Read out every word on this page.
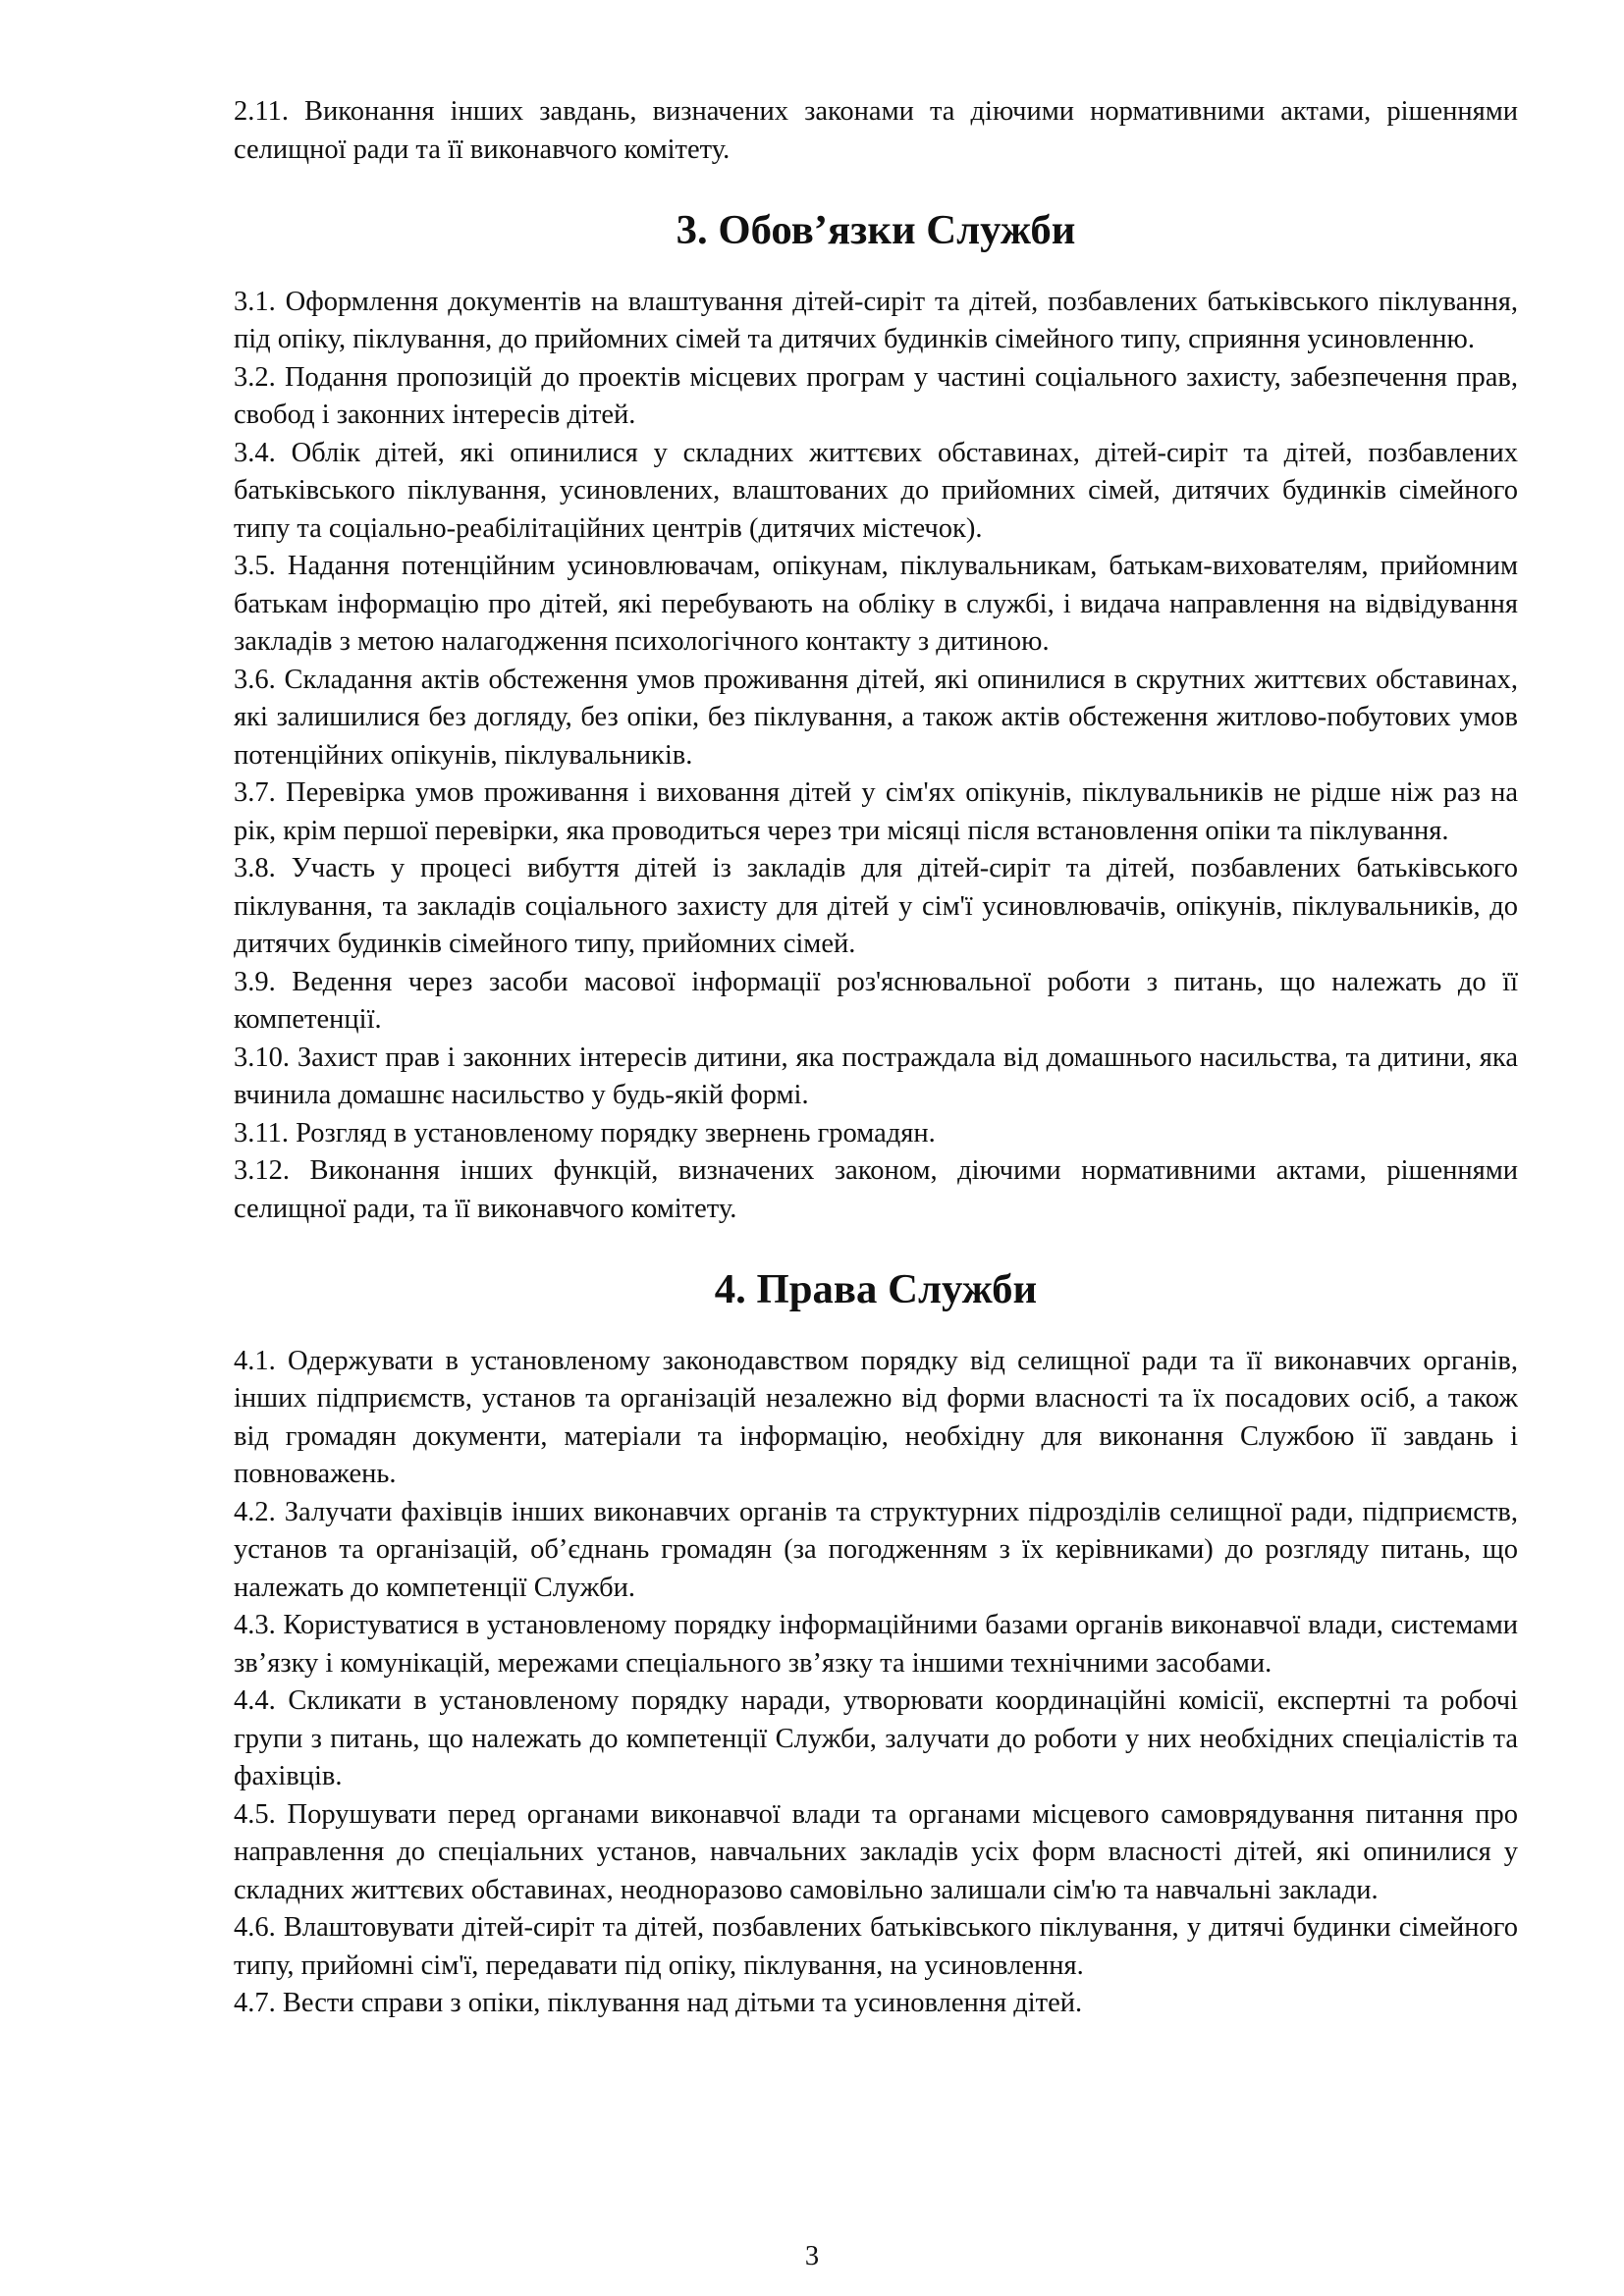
2.11. Виконання інших завдань, визначених законами та діючими нормативними актами, рішеннями селищної ради та її виконавчого комітету.

3. Обов’язки Служби

3.1. Оформлення документів на влаштування дітей-сиріт та дітей, позбавлених батьківського піклування, під опіку, піклування, до прийомних сімей та дитячих будинків сімейного типу, сприяння усиновленню.

3.2. Подання пропозицій до проектів місцевих програм у частині соціального захисту, забезпечення прав, свобод і законних інтересів дітей.

3.4. Облік дітей, які опинилися у складних життєвих обставинах, дітей-сиріт та дітей, позбавлених батьківського піклування, усиновлених, влаштованих до прийомних сімей, дитячих будинків сімейного типу та соціально-реабілітаційних центрів (дитячих містечок).

3.5. Надання потенційним усиновлювачам, опікунам, піклувальникам, батькам-вихователям, прийомним батькам інформацію про дітей, які перебувають на обліку в службі, і видача направлення на відвідування закладів з метою налагодження психологічного контакту з дитиною.

3.6. Складання актів обстеження умов проживання дітей, які опинилися в скрутних життєвих обставинах, які залишилися без догляду, без опіки, без піклування, а також актів обстеження житлово-побутових умов потенційних опікунів, піклувальників.

3.7. Перевірка умов проживання і виховання дітей у сім'ях опікунів, піклувальників не рідше ніж раз на рік, крім першої перевірки, яка проводиться через три місяці після встановлення опіки та піклування.

3.8. Участь у процесі вибуття дітей із закладів для дітей-сиріт та дітей, позбавлених батьківського піклування, та закладів соціального захисту для дітей у сім'ї усиновлювачів, опікунів, піклувальників, до дитячих будинків сімейного типу, прийомних сімей.

3.9. Ведення через засоби масової інформації роз'яснювальної роботи з питань, що належать до її компетенції.

3.10. Захист прав і законних інтересів дитини, яка постраждала від домашнього насильства, та дитини, яка вчинила домашнє насильство у будь-якій формі.

3.11. Розгляд в установленому порядку звернень громадян.

3.12. Виконання інших функцій, визначених законом, діючими нормативними актами, рішеннями селищної ради, та її виконавчого комітету.

4. Права Служби

4.1. Одержувати в установленому законодавством порядку від селищної ради та її виконавчих органів, інших підприємств, установ та організацій незалежно від форми власності та їх посадових осіб, а також від громадян документи, матеріали та інформацію, необхідну для виконання Службою її завдань і повноважень.

4.2. Залучати фахівців інших виконавчих органів та структурних підрозділів селищної ради, підприємств, установ та організацій, об’єднань громадян (за погодженням з їх керівниками) до розгляду питань, що належать до компетенції Служби.

4.3. Користуватися в установленому порядку інформаційними базами органів виконавчої влади, системами зв’язку і комунікацій, мережами спеціального зв’язку та іншими технічними засобами.

4.4. Скликати в установленому порядку наради, утворювати координаційні комісії, експертні та робочі групи з питань, що належать до компетенції Служби, залучати до роботи у них необхідних спеціалістів та фахівців.

4.5. Порушувати перед органами виконавчої влади та органами місцевого самоврядування питання про направлення до спеціальних установ, навчальних закладів усіх форм власності дітей, які опинилися у складних життєвих обставинах, неодноразово самовільно залишали сім'ю та навчальні заклади.

4.6. Влаштовувати дітей-сиріт та дітей, позбавлених батьківського піклування, у дитячі будинки сімейного типу, прийомні сім'ї, передавати під опіку, піклування, на усиновлення.

4.7. Вести справи з опіки, піклування над дітьми та усиновлення дітей.

3
